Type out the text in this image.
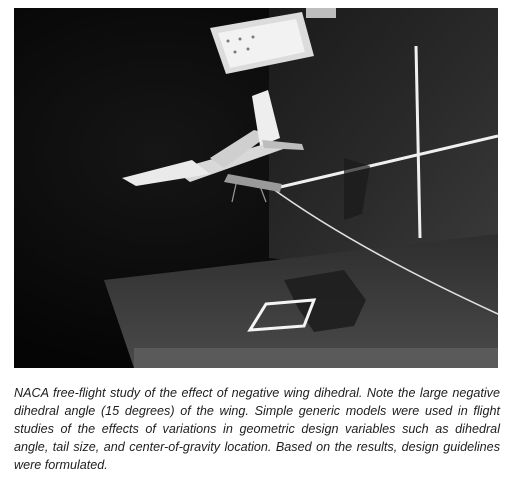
NACA free-flight study of the effect of negative wing dihedral. Note the large negative dihedral angle (15 degrees) of the wing. Simple generic models were used in flight studies of the effects of variations in geometric design variables such as dihedral angle, tail size, and center-of-gravity location. Based on the results, design guidelines were formulated.
